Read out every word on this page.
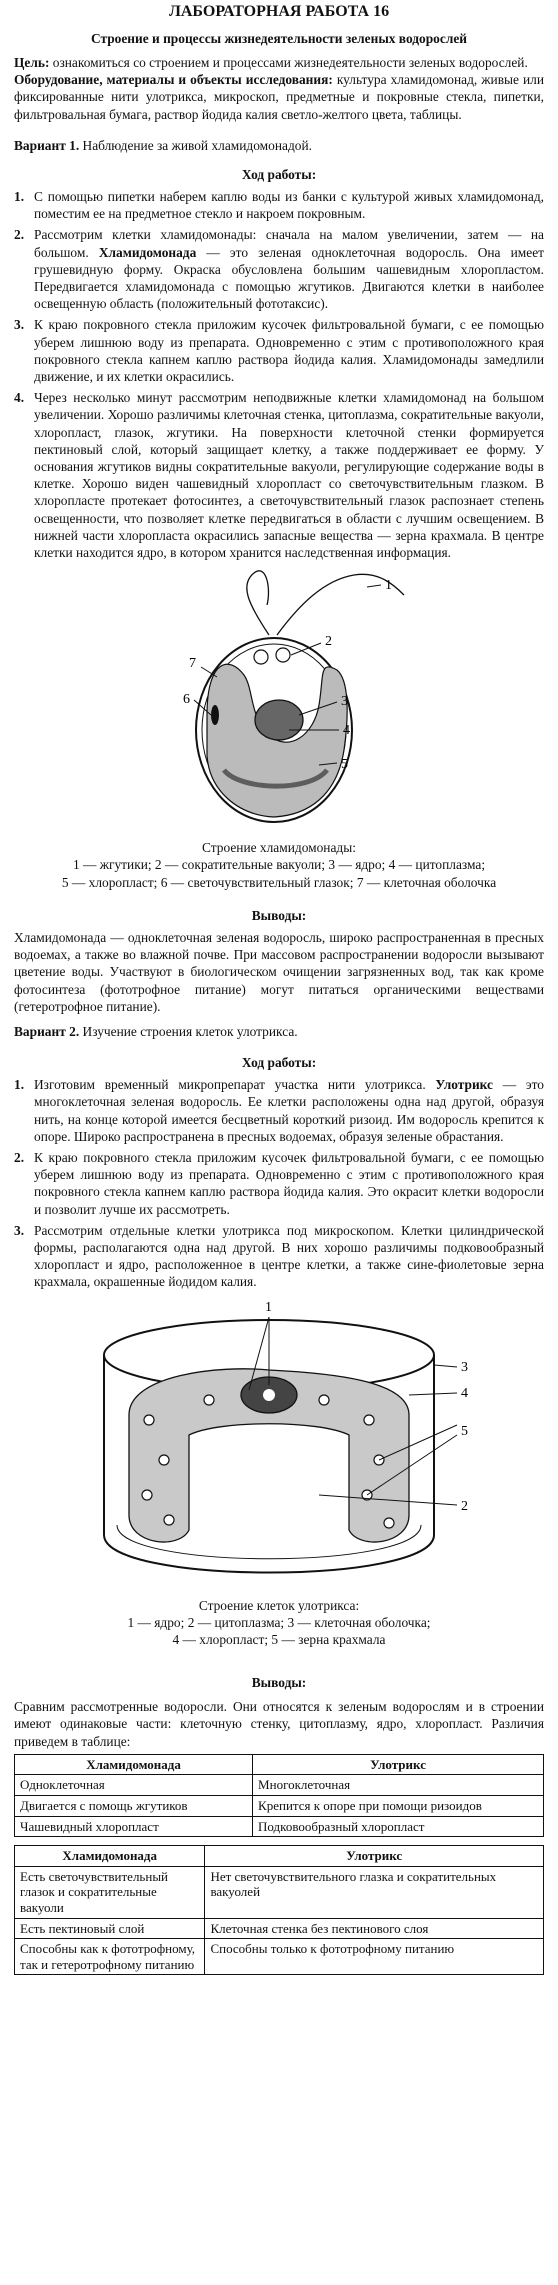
ЛАБОРАТОРНАЯ РАБОТА 16
Строение и процессы жизнедеятельности зеленых водорослей

Цель: ознакомиться со строением и процессами жизнедеятельности зеленых водорослей.

Оборудование, материалы и объекты исследования: культура хламидомонад, живые или фиксированные нити улотрикса, микроскоп, предметные и покровные стекла, пипетки, фильтровальная бумага, раствор йодида калия светло-желтого цвета, таблицы.

Вариант 1. Наблюдение за живой хламидомонадой.

Ход работы:
1. С помощью пипетки наберем каплю воды из банки с культурой живых хламидомонад, поместим ее на предметное стекло и накроем покровным.
2. Рассмотрим клетки хламидомонады: сначала на малом увеличении, затем — на большом. Хламидомонада — это зеленая одноклеточная водоросль. Она имеет грушевидную форму. Окраска обусловлена большим чашевидным хлоропластом. Передвигается хламидомонада с помощью жгутиков. Двигаются клетки в наиболее освещенную область (положительный фототаксис).
3. К краю покровного стекла приложим кусочек фильтровальной бумаги, с ее помощью уберем лишнюю воду из препарата. Одновременно с этим с противоположного края покровного стекла капнем каплю раствора йодида калия. Хламидомонады замедлили движение, и их клетки окрасились.
4. Через несколько минут рассмотрим неподвижные клетки хламидомонад на большом увеличении. Хорошо различимы клеточная стенка, цитоплазма, сократительные вакуоли, хлоропласт, глазок, жгутики. На поверхности клеточной стенки формируется пектиновый слой, который защищает клетку, а также поддерживает ее форму. У основания жгутиков видны сократительные вакуоли, регулирующие содержание воды в клетке. Хорошо виден чашевидный хлоропласт со светочувствительным глазком. В хлоропласте протекает фотосинтез, а светочувствительный глазок распознает степень освещенности, что позволяет клетке передвигаться в области с лучшим освещением. В нижней части хлоропласта окрасились запасные вещества — зерна крахмала. В центре клетки находится ядро, в котором хранится наследственная информация.
1
2
3
4
5
6
7
Строение хламидомонады:
1 — жгутики; 2 — сократительные вакуоли; 3 — ядро; 4 — цитоплазма;
5 — хлоропласт; 6 — светочувствительный глазок; 7 — клеточная оболочка
Выводы:

Хламидомонада — одноклеточная зеленая водоросль, широко распространенная в пресных водоемах, а также во влажной почве. При массовом распространении водоросли вызывают цветение воды. Участвуют в биологическом очищении загрязненных вод, так как кроме фотосинтеза (фототрофное питание) могут питаться органическими веществами (гетеротрофное питание).

Вариант 2. Изучение строения клеток улотрикса.

Ход работы:
1. Изготовим временный микропрепарат участка нити улотрикса. Улотрикс — это многоклеточная зеленая водоросль. Ее клетки расположены одна над другой, образуя нить, на конце которой имеется бесцветный короткий ризоид. Им водоросль крепится к опоре. Широко распространена в пресных водоемах, образуя зеленые обрастания.
2. К краю покровного стекла приложим кусочек фильтровальной бумаги, с ее помощью уберем лишнюю воду из препарата. Одновременно с этим с противоположного края покровного стекла капнем каплю раствора йодида калия. Это окрасит клетки водоросли и позволит лучше их рассмотреть.
3. Рассмотрим отдельные клетки улотрикса под микроскопом. Клетки цилиндрической формы, располагаются одна над другой. В них хорошо различимы подковообразный хлоропласт и ядро, расположенное в центре клетки, а также сине-фиолетовые зерна крахмала, окрашенные йодидом калия.
1
2
3
4
5
Строение клеток улотрикса:
1 — ядро; 2 — цитоплазма; 3 — клеточная оболочка;
4 — хлоропласт; 5 — зерна крахмала
Выводы:

Сравним рассмотренные водоросли. Они относятся к зеленым водорослям и в строении имеют одинаковые части: клеточную стенку, цитоплазму, ядро, хлоропласт. Различия приведем в таблице:

Хламидомонада	Улотрикс
Одноклеточная	Многоклеточная
Двигается с помощь жгутиков	Крепится к опоре при помощи ризоидов
Чашевидный хлоропласт	Подковообразный хлоропласт
Хламидомонада	Улотрикс
Есть светочувствительный глазок и сократительные вакуоли	Нет светочувствительного глазка и сократительных вакуолей
Есть пектиновый слой	Клеточная стенка без пектинового слоя
Способны как к фототрофному, так и гетеротрофному питанию	Способны только к фототрофному питанию
